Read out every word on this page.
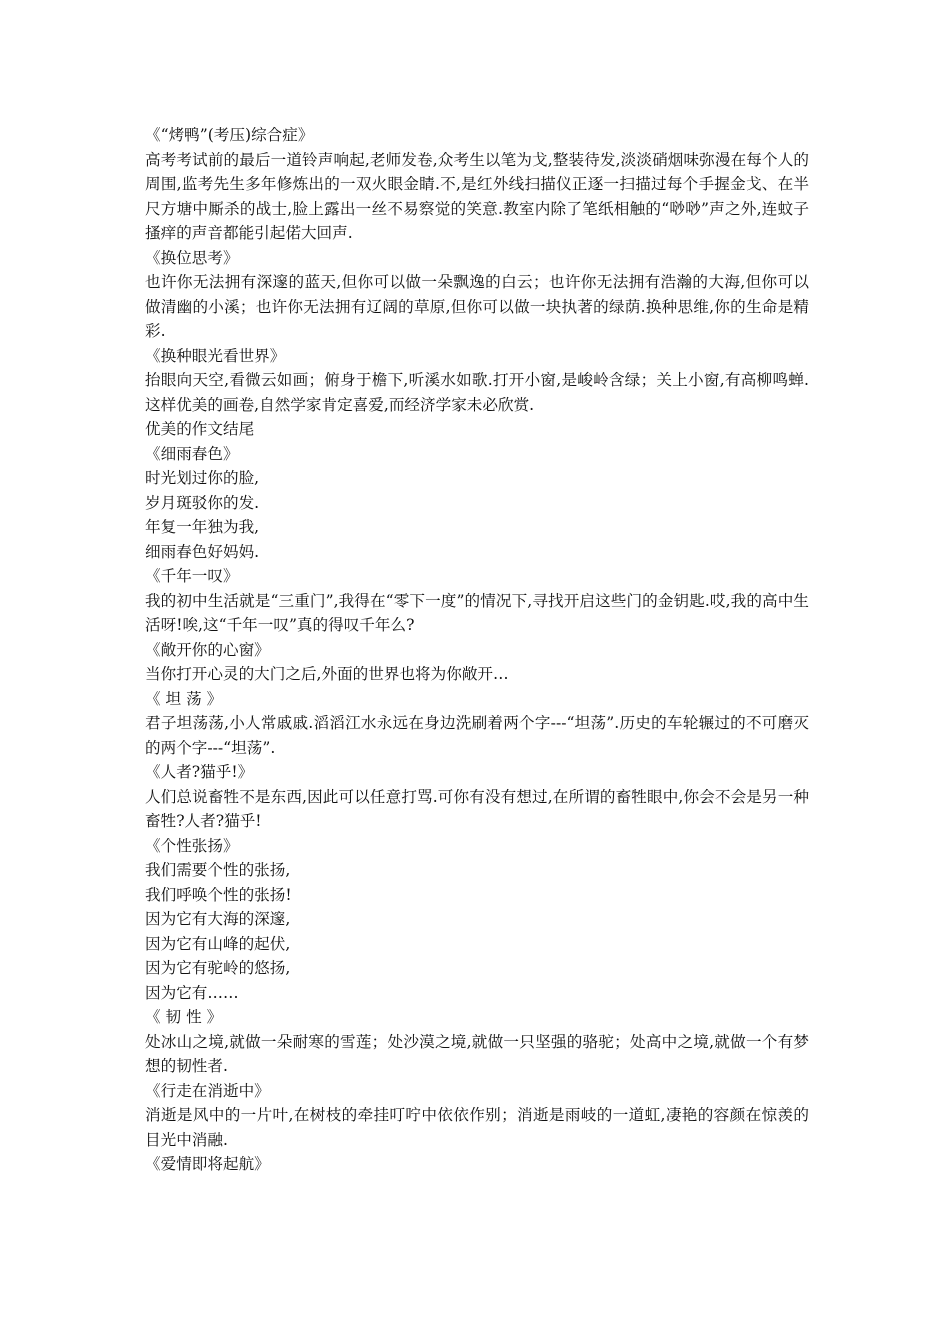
《“烤鸭”(考压)综合症》

高考考试前的最后一道铃声响起,老师发卷,众考生以笔为戈,整装待发,淡淡硝烟味弥漫在每个人的周围,监考先生多年修炼出的一双火眼金睛.不,是红外线扫描仪正逐一扫描过每个手握金戈、在半尺方塘中厮杀的战士,脸上露出一丝不易察觉的笑意.教室内除了笔纸相触的“唦唦”声之外,连蚊子搔痒的声音都能引起偌大回声.

《换位思考》

也许你无法拥有深邃的蓝天,但你可以做一朵飘逸的白云；也许你无法拥有浩瀚的大海,但你可以做清幽的小溪；也许你无法拥有辽阔的草原,但你可以做一块执著的绿荫.换种思维,你的生命是精彩.

《换种眼光看世界》

抬眼向天空,看微云如画；俯身于檐下,听溪水如歌.打开小窗,是峻岭含绿；关上小窗,有高柳鸣蝉.这样优美的画卷,自然学家肯定喜爱,而经济学家未必欣赏.

优美的作文结尾

《细雨春色》

时光划过你的脸,

岁月斑驳你的发.

年复一年独为我,

细雨春色好妈妈.

《千年一叹》

我的初中生活就是“三重门”,我得在“零下一度”的情况下,寻找开启这些门的金钥匙.哎,我的高中生活呀!唉,这“千年一叹”真的得叹千年么?

《敞开你的心窗》

当你打开心灵的大门之后,外面的世界也将为你敞开…

《 坦 荡 》

君子坦荡荡,小人常戚戚.滔滔江水永远在身边洗刷着两个字---“坦荡”.历史的车轮辗过的不可磨灭的两个字---“坦荡”.

《人者?猫乎!》

人们总说畜牲不是东西,因此可以任意打骂.可你有没有想过,在所谓的畜牲眼中,你会不会是另一种畜牲?人者?猫乎!

《个性张扬》

我们需要个性的张扬,

我们呼唤个性的张扬!

因为它有大海的深邃,

因为它有山峰的起伏,

因为它有驼岭的悠扬,

因为它有……

《 韧 性 》

处冰山之境,就做一朵耐寒的雪莲；处沙漠之境,就做一只坚强的骆驼；处高中之境,就做一个有梦想的韧性者.

《行走在消逝中》

消逝是风中的一片叶,在树枝的牵挂叮咛中依依作别；消逝是雨岐的一道虹,凄艳的容颜在惊羡的目光中消融.

《爱情即将起航》
